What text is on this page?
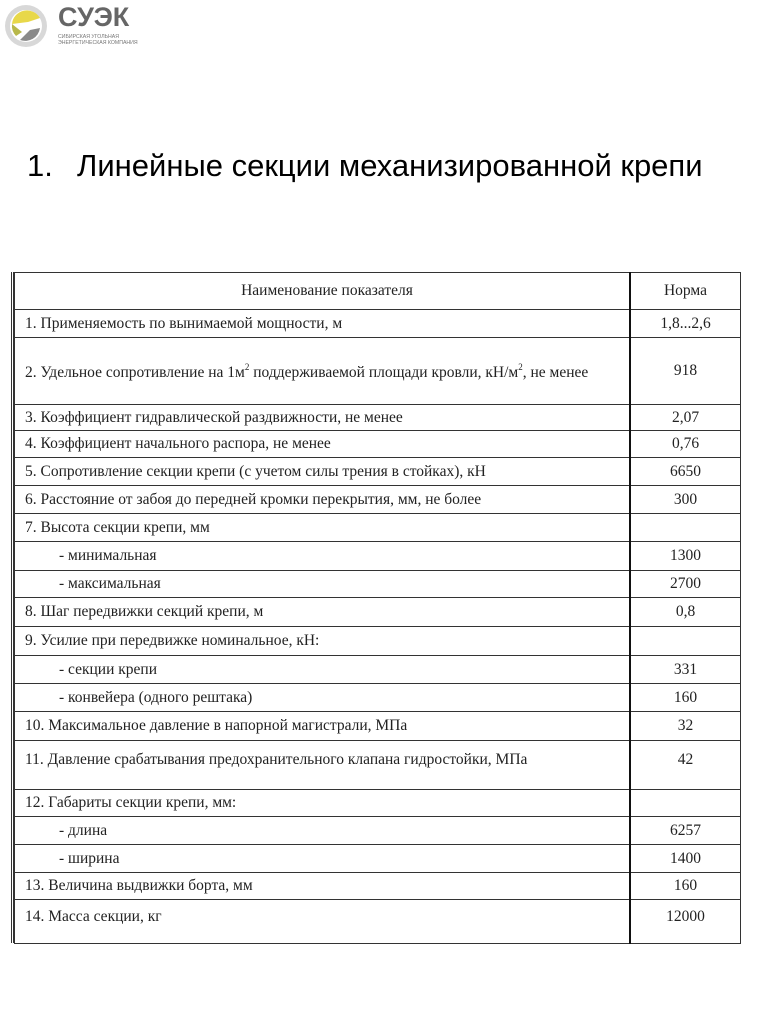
СУЭК
СИБИРСКАЯ УГОЛЬНАЯ
ЭНЕРГЕТИЧЕСКАЯ КОМПАНИЯ
1. Линейные секции механизированной крепи
Наименование показателя	Норма
1. Применяемость по вынимаемой мощности, м	1,8...2,6
2. Удельное сопротивление на $1м^2$ поддерживаемой площади кровли, $кН/м^2$, не менее	918
3. Коэффициент гидравлической раздвижности, не менее	2,07
4. Коэффициент начального распора, не менее	0,76
5. Сопротивление секции крепи (с учетом силы трения в стойках), кН	6650
6. Расстояние от забоя до передней кромки перекрытия, мм, не более	300
7. Высота секции крепи, мм	
- минимальная	1300
- максимальная	2700
8. Шаг передвижки секций крепи, м	0,8
9. Усилие при передвижке номинальное, кН:	
- секции крепи	331
- конвейера (одного рештака)	160
10. Максимальное давление в напорной магистрали, МПа	32
11. Давление срабатывания предохранительного клапана гидростойки, МПа	42
12. Габариты секции крепи, мм:	
- длина	6257
- ширина	1400
13. Величина выдвижки борта, мм	160
14. Масса секции, кг	12000
